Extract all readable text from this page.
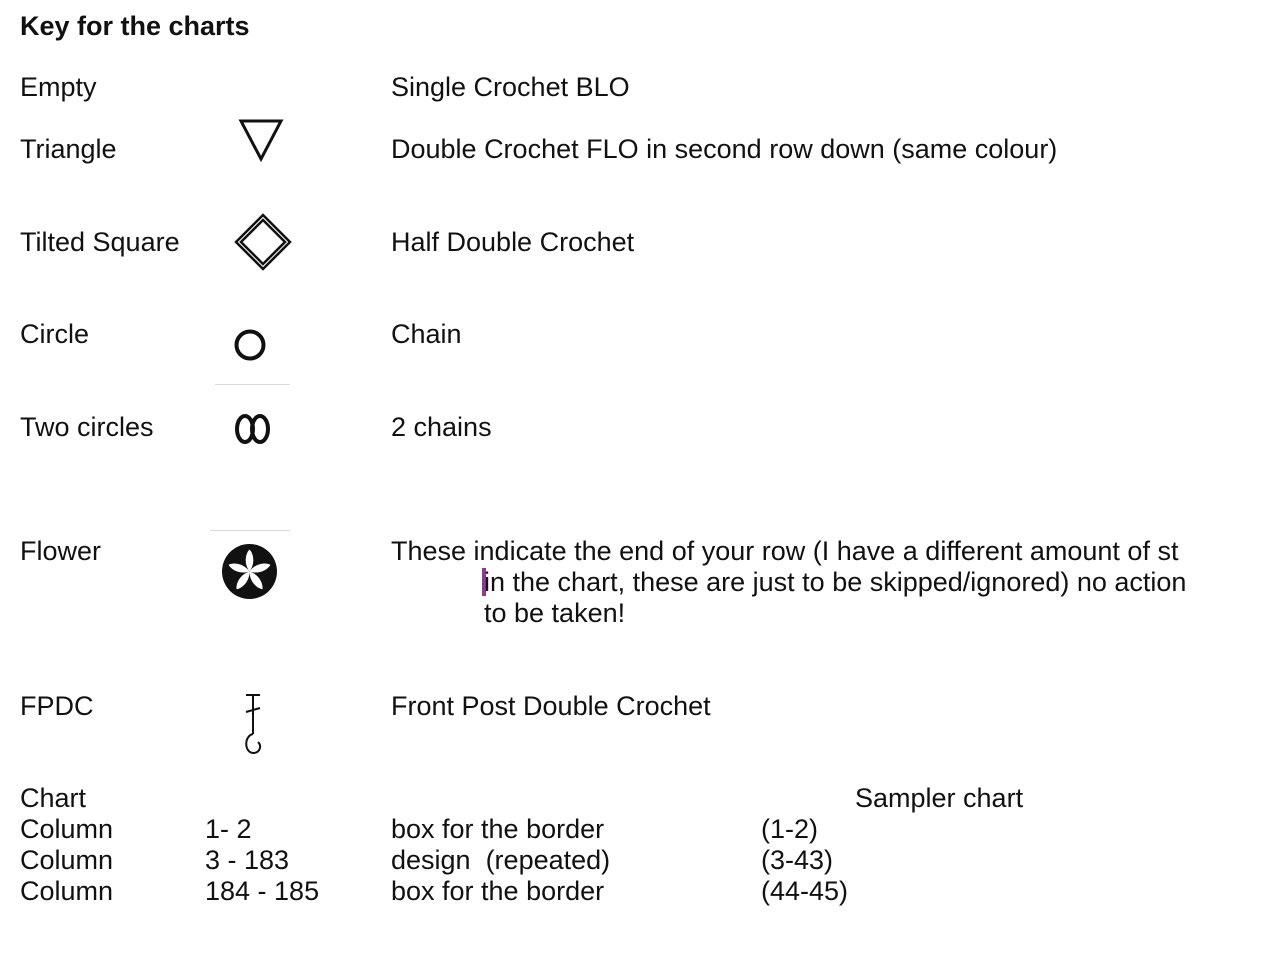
Key for the charts
Empty	Single Crochet BLO
Triangle	Double Crochet FLO in second row down (same colour)
Tilted Square	Half Double Crochet
Circle	Chain
Two circles	2 chains
Flower	These indicate the end of your row (I have a different amount of st
in the chart, these are just to be skipped/ignored) no action
to be taken!
FPDC	Front Post Double Crochet
Chart	Sampler chart
Column	1- 2	box for the border	(1-2)
Column	3 - 183	design  (repeated)	(3-43)
Column	184 - 185	box for the border	(44-45)
